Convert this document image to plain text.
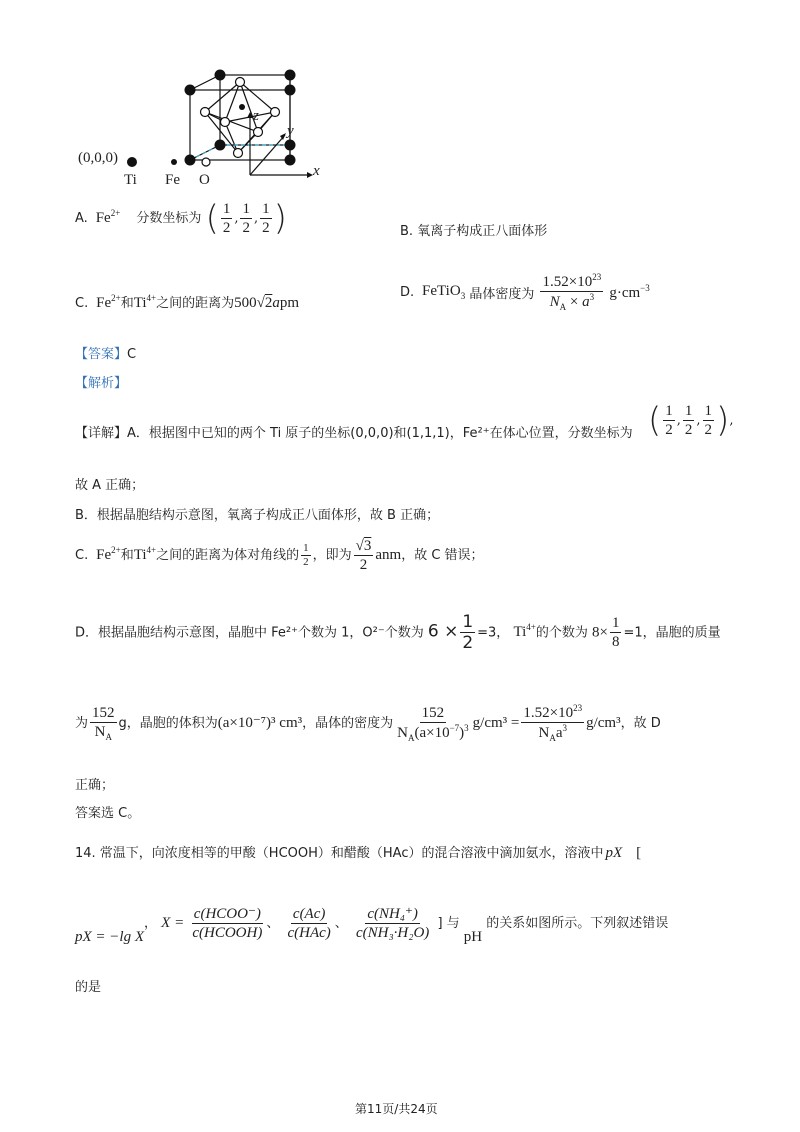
z
y
x
(0,0,0)
Ti Fe O
A.  $Fe^{2+}$ 分数坐标为 ( $\frac{1}{2}$ , $\frac{1}{2}$ , $\frac{1}{2}$ )	B. 氧离子构成正八面体形
C.  $Fe^{2+}$和$Ti^{4+}$之间的距离为500√2apm
D.  FeTiO$_3$ 晶体密度为 $\frac{1.52\times 10^{23}}{N_A \times a^3} g\cdot cm^{-3}$
【答案】C
【解析】
【详解】A．根据图中已知的两个 Ti 原子的坐标(0,0,0)和(1,1,1)，Fe²⁺在体心位置，分数坐标为 ( $\frac{1}{2}$ , $\frac{1}{2}$ , $\frac{1}{2}$ ),
故 A 正确；
B．根据晶胞结构示意图，氧离子构成正八面体形，故 B 正确；
C.  $Fe^{2+}$和$Ti^{4+}$之间的距离为体对角线的 $\frac{1}{2}$ ，即为 $\frac{√3}{2}$ anm，故 C 错误；
D．根据晶胞结构示意图，晶胞中 Fe²⁺个数为 1，O²⁻个数为 $6 \times \frac{1}{2} =3$， $Ti^{4+}$的个数为 $8\times \frac{1}{8} =1$，晶胞的质量
为 $\frac{152}{N_A}$ g，晶胞的体积为(a×10⁻⁷)³ cm³，晶体的密度为 $\frac{152}{N_A(a\times 10^{-7})^3} g/cm^3 = \frac{1.52\times 10^{23}}{N_Aa^3} g/cm^3$，故 D
正确；
答案选 C。
14. 常温下，向浓度相等的甲酸（HCOOH）和醋酸（HAc）的混合溶液中滴加氨水，溶液中 pX [
pX = −lg X， $X = \frac{\text{c(HCOO⁻)}}{\text{c(HCOOH)}}$ 、 $\frac{c(Ac)}{\text{c(HAc)}}$ 、 $\frac{\text{c(NH₄⁺)}}{\text{c(NH₃·H₂O)}}$ ] 与 pH 的关系如图所示。下列叙述错误
的是
第11页/共24页
